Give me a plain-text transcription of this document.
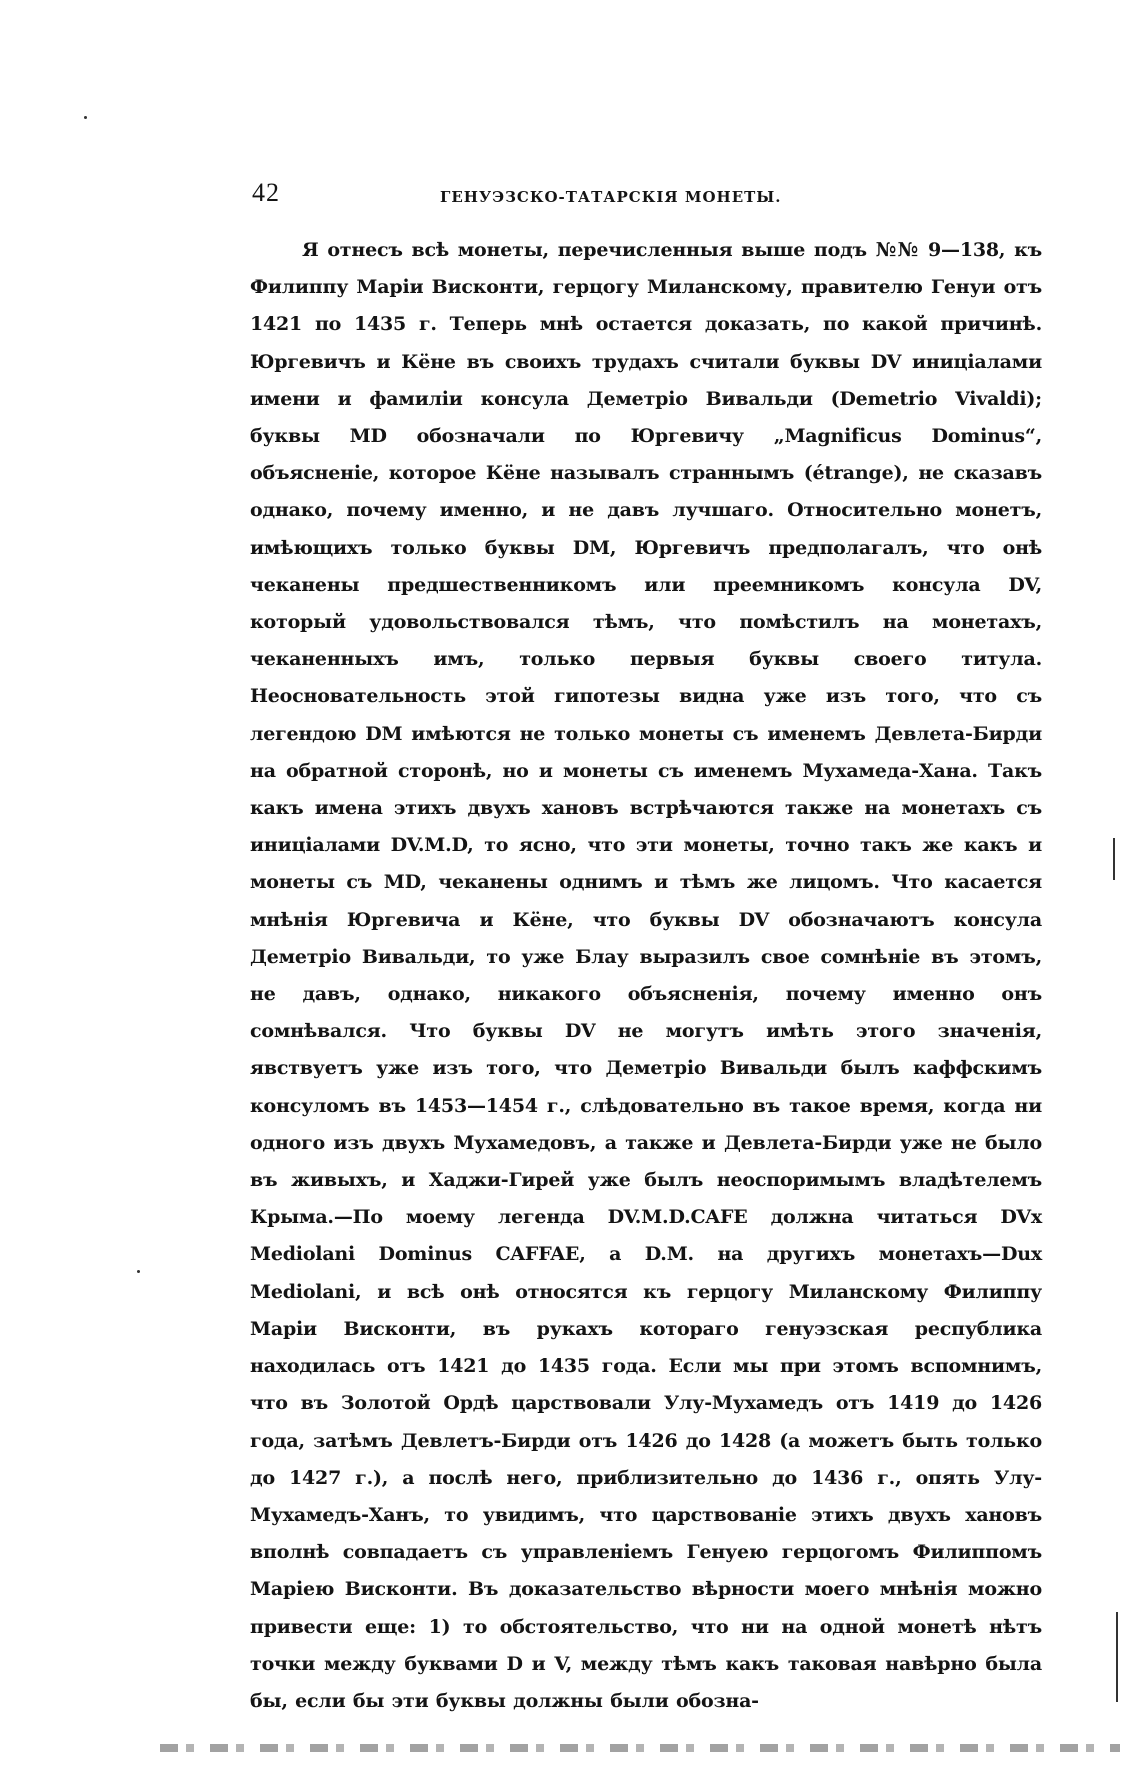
42	ГЕНУЭЗСКО-ТАТАРСКІЯ МОНЕТЫ.

Я отнесъ всѣ монеты, перечисленныя выше подъ №№ 9—138, къ Филиппу Маріи Висконти, герцогу Миланскому, правителю Генуи отъ 1421 по 1435 г. Теперь мнѣ остается доказать, по какой причинѣ. Юргевичъ и Кёне въ своихъ трудахъ считали буквы DV иниціалами имени и фамиліи консула Деметріо Вивальди (Demetrio Vivaldi); буквы MD обозначали по Юргевичу „Magnificus Dominus“, объясненіе, которое Кёне называлъ страннымъ (étrange), не сказавъ однако, почему именно, и не давъ лучшаго. Относительно монетъ, имѣющихъ только буквы DM, Юргевичъ предполагалъ, что онѣ чеканены предшественникомъ или преемникомъ консула DV, который удовольствовался тѣмъ, что помѣстилъ на монетахъ, чеканенныхъ имъ, только первыя буквы своего титула. Неосновательность этой гипотезы видна уже изъ того, что съ легендою DM имѣются не только монеты съ именемъ Девлета-Бирди на обратной сторонѣ, но и монеты съ именемъ Мухамеда-Хана. Такъ какъ имена этихъ двухъ хановъ встрѣчаются также на монетахъ съ иниціалами DV.M.D, то ясно, что эти монеты, точно такъ же какъ и монеты съ MD, чеканены однимъ и тѣмъ же лицомъ. Что касается мнѣнія Юргевича и Кёне, что буквы DV обозначаютъ консула Деметріо Вивальди, то уже Блау выразилъ свое сомнѣніе въ этомъ, не давъ, однако, никакого объясненія, почему именно онъ сомнѣвался. Что буквы DV не могутъ имѣть этого значенія, явствуетъ уже изъ того, что Деметріо Вивальди былъ каффскимъ консуломъ въ 1453—1454 г., слѣдовательно въ такое время, когда ни одного изъ двухъ Мухамедовъ, а также и Девлета-Бирди уже не было въ живыхъ, и Хаджи-Гирей уже былъ неоспоримымъ владѣтелемъ Крыма.—По моему легенда DV.M.D.CAFE должна читаться DVx Mediolani Dominus CAFFAE, а D.M. на другихъ монетахъ—Dux Mediolani, и всѣ онѣ относятся къ герцогу Миланскому Филиппу Маріи Висконти, въ рукахъ котораго генуэзская республика находилась отъ 1421 до 1435 года. Если мы при этомъ вспомнимъ, что въ Золотой Ордѣ царствовали Улу-Мухамедъ отъ 1419 до 1426 года, затѣмъ Девлетъ-Бирди отъ 1426 до 1428 (а можетъ быть только до 1427 г.), а послѣ него, приблизительно до 1436 г., опять Улу-Мухамедъ-Ханъ, то увидимъ, что царствованіе этихъ двухъ хановъ вполнѣ совпадаетъ съ управленіемъ Генуею герцогомъ Филиппомъ Маріею Висконти. Въ доказательство вѣрности моего мнѣнія можно привести еще: 1) то обстоятельство, что ни на одной монетѣ нѣтъ точки между буквами D и V, между тѣмъ какъ таковая навѣрно была бы, если бы эти буквы должны были обозна-
